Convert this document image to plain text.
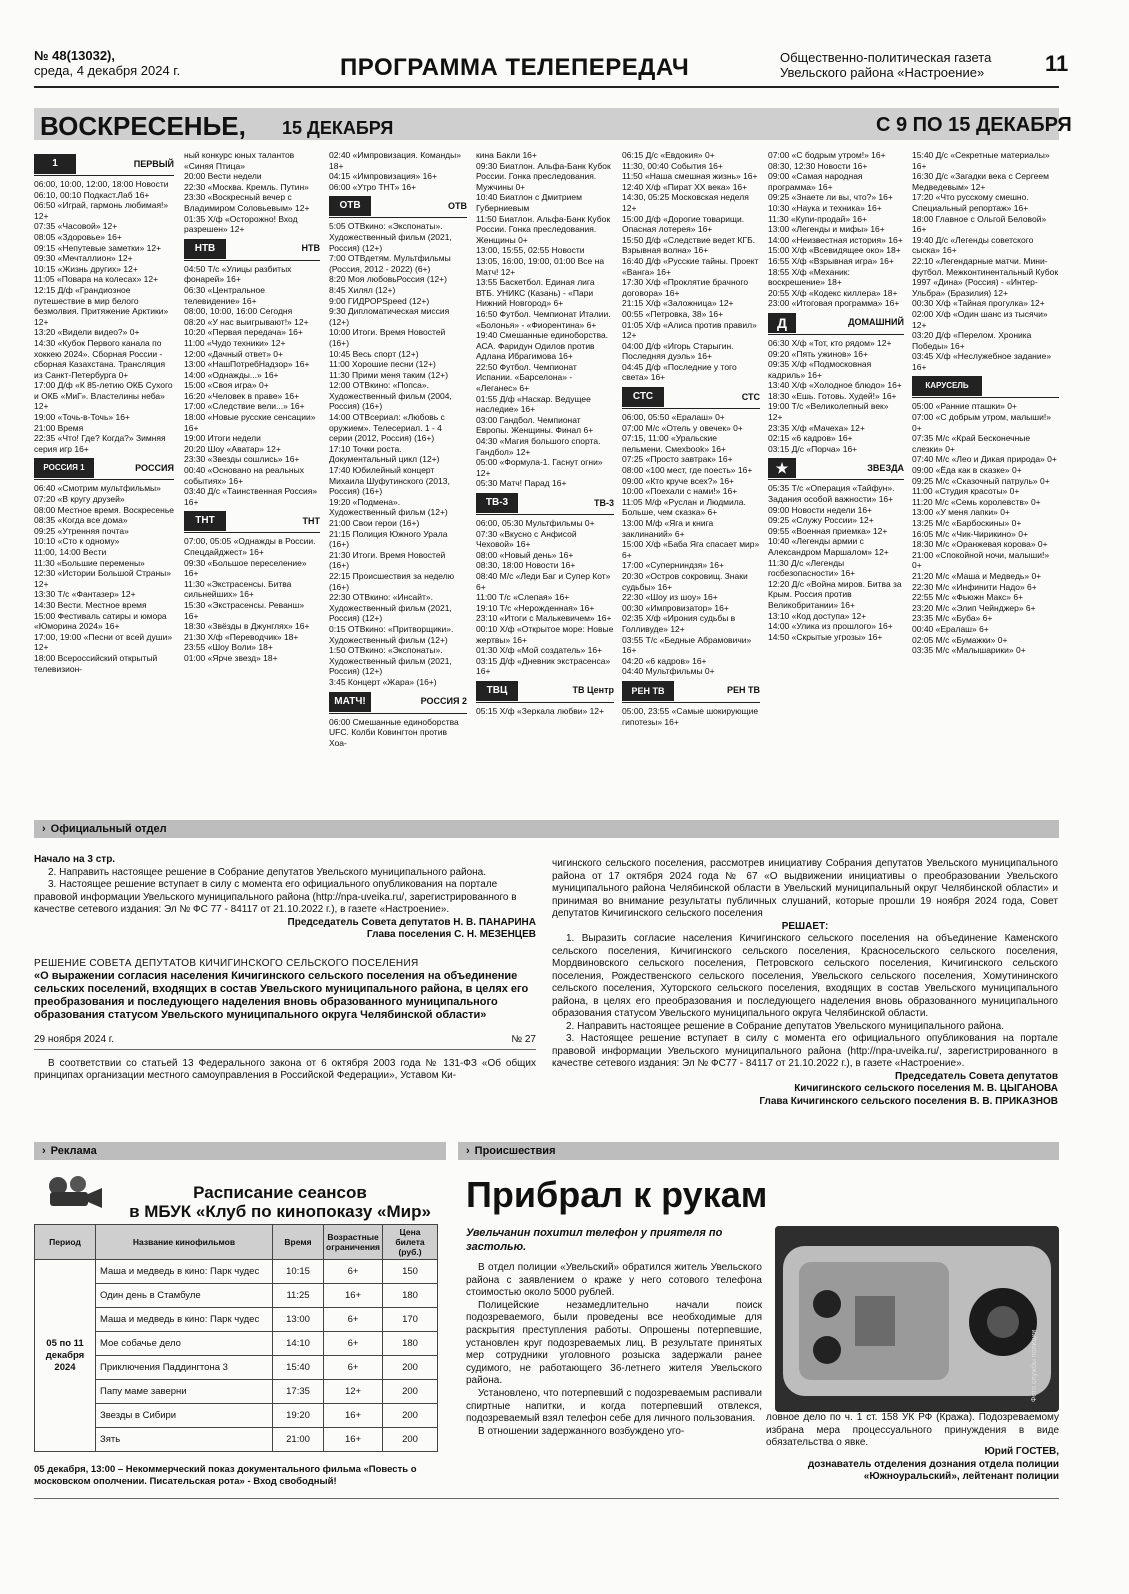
№ 48(13032),
среда, 4 декабря 2024 г.	ПРОГРАММА ТЕЛЕПЕРЕДАЧ	Общественно-политическая газета
Увельского района «Настроение»	11
ВОСКРЕСЕНЬЕ, 15 ДЕКАБРЯ	С 9 ПО 15 ДЕКАБРЯ
1	ПЕРВЫЙ
06:00, 10:00, 12:00, 18:00 Новости
06:10, 00:10 Подкаст.Лаб 16+
06:50 «Играй, гармонь любимая!» 12+
07:35 «Часовой» 12+
08:05 «Здоровье» 16+
09:15 «Непутевые заметки» 12+
09:30 «Мечталлион» 12+
10:15 «Жизнь других» 12+
11:05 «Повара на колесах» 12+
12:15 Д/ф «Грандиозное путешествие в мир белого безмолвия. Притяжение Арктики» 12+
13:20 «Видели видео?» 0+
14:30 «Кубок Первого канала по хоккею 2024». Сборная России - сборная Казахстана. Трансляция из Санкт-Петербурга 0+
17:00 Д/ф «К 85-летию ОКБ Сухого и ОКБ «МиГ». Властелины неба» 12+
19:00 «Точь-в-Точь» 16+
21:00 Время
22:35 «Что! Где? Когда?» Зимняя серия игр 16+
РОССИЯ 1	РОССИЯ
06:40 «Смотрим мультфильмы»
07:20 «В кругу друзей»
08:00 Местное время. Воскресенье
08:35 «Когда все дома»
09:25 «Утренняя почта»
10:10 «Сто к одному»
11:00, 14:00 Вести
11:30 «Большие перемены»
12:30 «Истории Большой Страны» 12+
13:30 Т/с «Фантазер» 12+
14:30 Вести. Местное время
15:00 Фестиваль сатиры и юмора «Юморина 2024» 16+
17:00, 19:00 «Песни от всей души» 12+
18:00 Всероссийский открытый телевизион-
ный конкурс юных талантов «Синяя Птица»
20:00 Вести недели
22:30 «Москва. Кремль. Путин»
23:30 «Воскресный вечер с Владимиром Соловьевым» 12+
01:35 Х/ф «Осторожно! Вход разрешен» 12+
НТВ	НТВ
04:50 Т/с «Улицы разбитых фонарей» 16+
06:30 «Центральное телевидение» 16+
08:00, 10:00, 16:00 Сегодня
08:20 «У нас выигрывают!» 12+
10:20 «Первая передача» 16+
11:00 «Чудо техники» 12+
12:00 «Дачный ответ» 0+
13:00 «НашПотребНадзор» 16+
14:00 «Однажды...» 16+
15:00 «Своя игра» 0+
16:20 «Человек в праве» 16+
17:00 «Следствие вели...» 16+
18:00 «Новые русские сенсации» 16+
19:00 Итоги недели
20:20 Шоу «Аватар» 12+
23:30 «Звезды сошлись» 16+
00:40 «Основано на реальных событиях» 16+
03:40 Д/с «Таинственная Россия» 16+
ТНТ	ТНТ
07:00, 05:05 «Однажды в России. Спецдайджест» 16+
09:30 «Большое переселение» 16+
11:30 «Экстрасенсы. Битва сильнейших» 16+
15:30 «Экстрасенсы. Реванш» 16+
18:30 «Звёзды в Джунглях» 16+
21:30 Х/ф «Переводчик» 18+
23:55 «Шоу Воли» 18+
01:00 «Ярче звезд» 18+
02:40 «Импровизация. Команды» 18+
04:15 «Импровизация» 16+
06:00 «Утро ТНТ» 16+
ОТВ	ОТВ
5:05 ОТВкино: «Экспонаты». Художественный фильм (2021, Россия) (12+)
7:00 ОТВдетям. Мультфильмы (Россия, 2012 - 2022) (6+)
8:20 Моя любовьРоссия (12+)
8:45 Хилял (12+)
9:00 ГИДРОРSpeed (12+)
9:30 Дипломатическая миссия (12+)
10:00 Итоги. Время Новостей (16+)
10:45 Весь спорт (12+)
11:00 Хорошие песни (12+)
11:30 Прими меня таким (12+)
12:00 ОТВкино: «Попса». Художественный фильм (2004, Россия) (16+)
14:00 ОТВсериал: «Любовь с оружием». Телесериал. 1 - 4 серии (2012, Россия) (16+)
17:10 Точки роста. Документальный цикл (12+)
17:40 Юбилейный концерт Михаила Шуфутинского (2013, Россия) (16+)
19:20 «Подмена». Художественный фильм (12+)
21:00 Свои герои (16+)
21:15 Полиция Южного Урала (16+)
21:30 Итоги. Время Новостей (16+)
22:15 Происшествия за неделю (16+)
22:30 ОТВкино: «Инсайт». Художественный фильм (2021, Россия) (12+)
0:15 ОТВкино: «Притворщики». Художественный фильм (12+)
1:50 ОТВкино: «Экспонаты». Художественный фильм (2021, Россия) (12+)
3:45 Концерт «Жара» (16+)
МАТЧ!	РОССИЯ 2
06:00 Смешанные единоборства UFC. Колби Ковингтон против Хоа-
кина Бакли 16+
09:30 Биатлон. Альфа-Банк Кубок России. Гонка преследования. Мужчины 0+
10:40 Биатлон с Дмитрием Губерниевым
11:50 Биатлон. Альфа-Банк Кубок России. Гонка преследования. Женщины 0+
13:00, 15:55, 02:55 Новости
13:05, 16:00, 19:00, 01:00 Все на Матч! 12+
13:55 Баскетбол. Единая лига ВТБ. УНИКС (Казань) - «Пари Нижний Новгород» 6+
16:50 Футбол. Чемпионат Италии. «Болонья» - «Фиорентина» 6+
19:40 Смешанные единоборства. АСА. Фаридун Одилов против Адлана Ибрагимова 16+
22:50 Футбол. Чемпионат Испании. «Барселона» - «Леганес» 6+
01:55 Д/ф «Наскар. Ведущее наследие» 16+
03:00 Гандбол. Чемпионат Европы. Женщины. Финал 6+
04:30 «Магия большого спорта. Гандбол» 12+
05:00 «Формула-1. Гаснут огни» 12+
05:30 Матч! Парад 16+
ТВ-3	ТВ-3
06:00, 05:30 Мультфильмы 0+
07:30 «Вкусно с Анфисой Чеховой» 16+
08:00 «Новый день» 16+
08:30, 18:00 Новости 16+
08:40 М/с «Леди Баг и Супер Кот» 6+
11:00 Т/с «Слепая» 16+
19:10 Т/с «Нерожденная» 16+
23:10 «Итоги с Малькевичем» 16+
00:10 Х/ф «Открытое море: Новые жертвы» 16+
01:30 Х/ф «Мой создатель» 16+
03:15 Д/ф «Дневник экстрасенса» 16+
ТВЦ	ТВ Центр
05:15 Х/ф «Зеркала любви» 12+
06:15 Д/с «Евдокия» 0+
11:30, 00:40 События 16+
11:50 «Наша смешная жизнь» 16+
12:40 Х/ф «Пират XX века» 16+
14:30, 05:25 Московская неделя 12+
15:00 Д/ф «Дорогие товарищи. Опасная лотерея» 16+
15:50 Д/ф «Следствие ведет КГБ. Взрывная волна» 16+
16:40 Д/ф «Русские тайны. Проект «Ванга» 16+
17:30 Х/ф «Проклятие брачного договора» 16+
21:15 Х/ф «Заложница» 12+
00:55 «Петровка, 38» 16+
01:05 Х/ф «Алиса против правил» 12+
04:00 Д/ф «Игорь Старыгин. Последняя дуэль» 16+
04:45 Д/ф «Последние у того света» 16+
СТС	СТС
06:00, 05:50 «Ералаш» 0+
07:00 М/с «Отель у овечек» 0+
07:15, 11:00 «Уральские пельмени. Смехbook» 16+
07:25 «Просто завтрак» 16+
08:00 «100 мест, где поесть» 16+
09:00 «Кто круче всех?» 16+
10:00 «Поехали с нами!» 16+
11:05 М/ф «Руслан и Людмила. Больше, чем сказка» 6+
13:00 М/ф «Яга и книга заклинаний» 6+
15:00 Х/ф «Баба Яга спасает мир» 6+
17:00 «Суперниндзя» 16+
20:30 «Остров сокровищ. Знаки судьбы» 16+
22:30 «Шоу из шоу» 16+
00:30 «Импровизатор» 16+
02:35 Х/ф «Ирония судьбы в Голливуде» 12+
03:55 Т/с «Бедные Абрамовичи» 16+
04:20 «6 кадров» 16+
04:40 Мультфильмы 0+
РЕН ТВ	РЕН ТВ
05:00, 23:55 «Самые шокирующие гипотезы» 16+
07:00 «С бодрым утром!» 16+
08:30, 12:30 Новости 16+
09:00 «Самая народная программа» 16+
09:25 «Знаете ли вы, что?» 16+
10:30 «Наука и техника» 16+
11:30 «Купи-продай» 16+
13:00 «Легенды и мифы» 16+
14:00 «Неизвестная история» 16+
15:00 Х/ф «Всевидящее око» 18+
16:55 Х/ф «Взрывная игра» 16+
18:55 Х/ф «Механик: воскрешение» 18+
20:55 Х/ф «Кодекс киллера» 18+
23:00 «Итоговая программа» 16+
Д	ДОМАШНИЙ
06:30 Х/ф «Тот, кто рядом» 12+
09:20 «Пять ужинов» 16+
09:35 Х/ф «Подмосковная кадриль» 16+
13:40 Х/ф «Холодное блюдо» 16+
18:30 «Ешь. Готовь. Худей!» 16+
19:00 Т/с «Великолепный век» 12+
23:35 Х/ф «Мачеха» 12+
02:15 «6 кадров» 16+
03:15 Д/с «Порча» 16+
★	ЗВЕЗДА
05:35 Т/с «Операция «Тайфун». Задания особой важности» 16+
09:00 Новости недели 16+
09:25 «Служу России» 12+
09:55 «Военная приемка» 12+
10:40 «Легенды армии с Александром Маршалом» 12+
11:30 Д/с «Легенды госбезопасности» 16+
12:20 Д/с «Война миров. Битва за Крым. Россия против Великобритании» 16+
13:10 «Код доступа» 12+
14:00 «Улика из прошлого» 16+
14:50 «Скрытые угрозы» 16+
15:40 Д/с «Секретные материалы» 16+
16:30 Д/с «Загадки века с Сергеем Медведевым» 12+
17:20 «Что русскому смешно. Специальный репортаж» 16+
18:00 Главное с Ольгой Беловой» 16+
19:40 Д/с «Легенды советского сыска» 16+
22:10 «Легендарные матчи. Мини-футбол. Межконтинентальный Кубок 1997 «Дина» (Россия) - «Интер-Ульбра» (Бразилия) 12+
00:30 Х/ф «Тайная прогулка» 12+
02:00 Х/ф «Один шанс из тысячи» 12+
03:20 Д/ф «Перелом. Хроника Победы» 16+
03:45 Х/ф «Неслужебное задание» 16+
КАРУСЕЛЬ
05:00 «Ранние пташки» 0+
07:00 «С добрым утром, малыши!» 0+
07:35 М/с «Край Бесконечные слезки» 0+
07:40 М/с «Лео и Дикая природа» 0+
09:00 «Ёда как в сказке» 0+
09:25 М/с «Сказочный патруль» 0+
11:00 «Студия красоты» 0+
11:20 М/с «Семь королевств» 0+
13:00 «У меня лапки» 0+
13:25 М/с «Барбоскины» 0+
16:05 М/с «Чик-Чирикино» 0+
18:30 М/с «Оранжевая корова» 0+
21:00 «Спокойной ночи, малыши!» 0+
21:20 М/с «Маша и Медведь» 0+
22:30 М/с «Инфинити Надо» 6+
22:55 М/с «Фьюжн Макс» 6+
23:20 М/с «Элип Чейнджер» 6+
23:35 М/с «Буба» 6+
00:40 «Ералаш» 6+
02:05 М/с «Бумажки» 0+
03:35 М/с «Малышарики» 0+
› Официальный отдел
Начало на 3 стр.
2. Направить настоящее решение в Собрание депутатов Увельского муниципального района.
3. Настоящее решение вступает в силу с момента его официального опубликования на портале правовой информации Увельского муниципального района (http://npa-uveika.ru/, зарегистрированного в качестве сетевого издания: Эл № ФС 77 - 84117 от 21.10.2022 г.), в газете «Настроение».
Председатель Совета депутатов Н. В. ПАНАРИНА
Глава поселения С. Н. МЕЗЕНЦЕВ
РЕШЕНИЕ СОВЕТА ДЕПУТАТОВ КИЧИГИНСКОГО СЕЛЬСКОГО ПОСЕЛЕНИЯ
«О выражении согласия населения Кичигинского сельского поселения на объединение сельских поселений, входящих в состав Увельского муниципального района, в целях его преобразования и последующего наделения вновь образованного муниципального образования статусом Увельского муниципального округа Челябинской области»
29 ноября 2024 г.	№ 27
В соответствии со статьей 13 Федерального закона от 6 октября 2003 года № 131-ФЗ «Об общих принципах организации местного самоуправления в Российской Федерации», Уставом Ки-
чигинского сельского поселения, рассмотрев инициативу Собрания депутатов Увельского муниципального района от 17 октября 2024 года № 67 «О выдвижении инициативы о преобразовании Увельского муниципального района Челябинской области в Увельский муниципальный округ Челябинской области» и принимая во внимание результаты публичных слушаний, которые прошли 19 ноября 2024 года, Совет депутатов Кичигинского сельского поселения
РЕШАЕТ:
1. Выразить согласие населения Кичигинского сельского поселения на объединение Каменского сельского поселения, Кичигинского сельского поселения, Красносельского сельского поселения, Мордвиновского сельского поселения, Петровского сельского поселения, Кичигинского сельского поселения, Рождественского сельского поселения, Увельского сельского поселения, Хомутининского сельского поселения, Хуторского сельского поселения, входящих в состав Увельского муниципального района, в целях его преобразования и последующего наделения вновь образованного муниципального образования статусом Увельского муниципального округа Челябинской области.
2. Направить настоящее решение в Собрание депутатов Увельского муниципального района.
3. Настоящее решение вступает в силу с момента его официального опубликования на портале правовой информации Увельского муниципального района (http://npa-uveika.ru/, зарегистрированного в качестве сетевого издания: Эл № ФС77 - 84117 от 21.10.2022 г.), в газете «Настроение».
Председатель Совета депутатов
Кичигинского сельского поселения М. В. ЦЫГАНОВА
Глава Кичигинского сельского поселения В. В. ПРИКАЗНОВ
› Реклама
Расписание сеансов
в МБУК «Клуб по кинопоказу «Мир»
Период	Название кинофильмов	Время	Возрастные ограничения	Цена билета (руб.)
05 по 11 декабря 2024	Маша и медведь в кино: Парк чудес	10:15	6+	150
	Один день в Стамбуле	11:25	16+	180
	Маша и медведь в кино: Парк чудес	13:00	6+	170
	Мое собачье дело	14:10	6+	180
	Приключения Паддингтона 3	15:40	6+	200
	Папу маме заверни	17:35	12+	200
	Звезды в Сибири	19:20	16+	200
	Зять	21:00	16+	200
05 декабря, 13:00 – Некоммерческий показ документального фильма «Повесть о московском ополчении. Писательская рота» - Вход свободный!
› Происшествия
Прибрал к рукам
Увельчанин похитил телефон у приятеля по застолью.

В отдел полиции «Увельский» обратился житель Увельского района с заявлением о краже у него сотового телефона стоимостью около 5000 рублей.

Полицейские незамедлительно начали поиск подозреваемого, были проведены все необходимые для раскрытия преступления работы. Опрошены потерпевшие, установлен круг подозреваемых лиц. В результате принятых мер сотрудники уголовного розыска задержали ранее судимого, не работающего 36-летнего жителя Увельского района.

Установлено, что потерпевший с подозреваемым распивали спиртные напитки, и когда потерпевший отвлекся, подозреваемый взял телефон себе для личного пользования.

В отношении задержанного возбуждено уго-

Фото службы полиции
ловное дело по ч. 1 ст. 158 УК РФ (Кража). Подозреваемому избрана мера процессуального принуждения в виде обязательства о явке.
Юрий ГОСТЕВ,
дознаватель отделения дознания отдела полиции
«Южноуральский», лейтенант полиции
